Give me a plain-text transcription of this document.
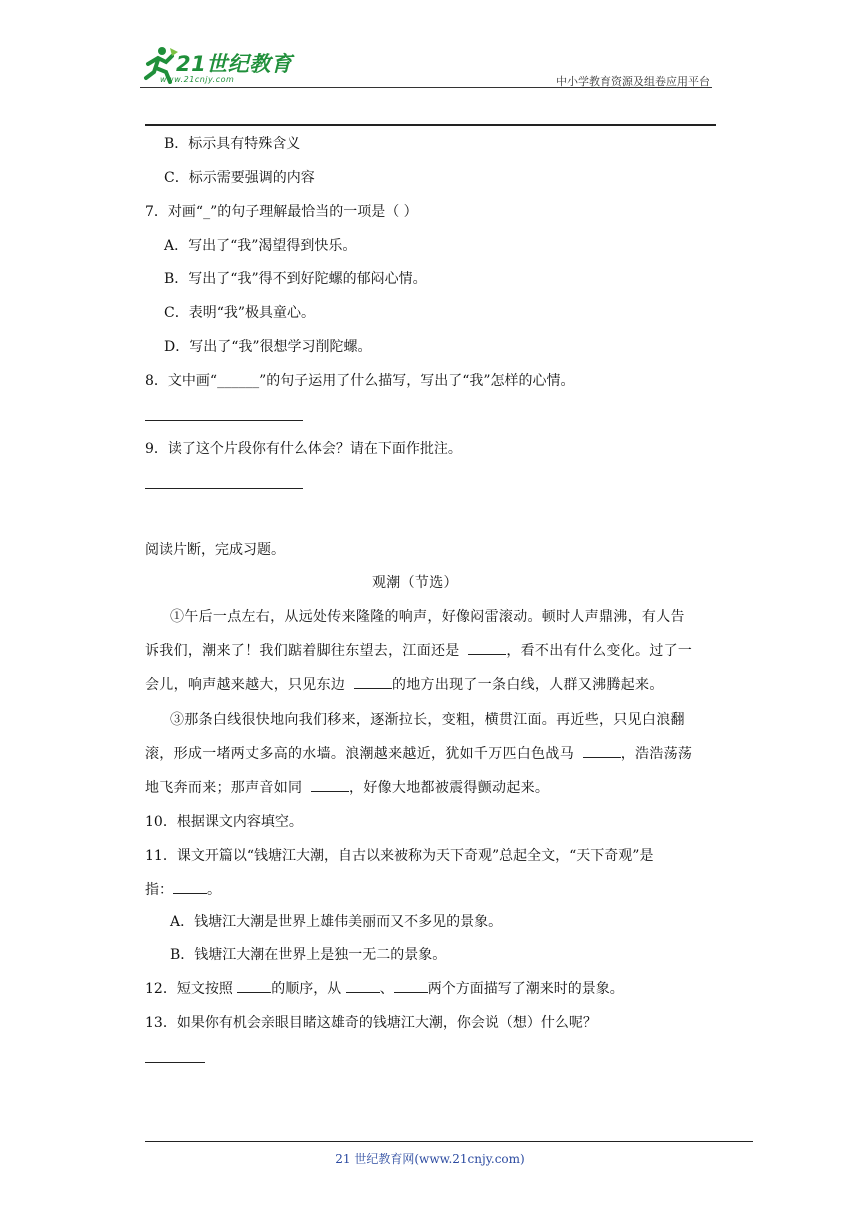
21世纪教育
www.21cnjy.com	中小学教育资源及组卷应用平台
B．标示具有特殊含义
C．标示需要强调的内容
7．对画“_”的句子理解最恰当的一项是（ ）
A．写出了“我”渴望得到快乐。
B．写出了“我”得不到好陀螺的郁闷心情。
C．表明“我”极具童心。
D．写出了“我”很想学习削陀螺。
8．文中画“______”的句子运用了什么描写，写出了“我”怎样的心情。
9．读了这个片段你有什么体会？请在下面作批注。
阅读片断，完成习题。
观潮（节选）
①午后一点左右，从远处传来隆隆的响声，好像闷雷滚动。顿时人声鼎沸，有人告
诉我们，潮来了！我们踮着脚往东望去，江面还是	，看不出有什么变化。过了一
会儿，响声越来越大，只见东边	的地方出现了一条白线，人群又沸腾起来。
③那条白线很快地向我们移来，逐渐拉长，变粗，横贯江面。再近些，只见白浪翻
滚，形成一堵两丈多高的水墙。浪潮越来越近，犹如千万匹白色战马	，浩浩荡荡
地飞奔而来；那声音如同	，好像大地都被震得颤动起来。
10．根据课文内容填空。
11．课文开篇以“钱塘江大潮，自古以来被称为天下奇观”总起全文，“天下奇观”是
指： 。
A．钱塘江大潮是世界上雄伟美丽而又不多见的景象。
B．钱塘江大潮在世界上是独一无二的景象。
12．短文按照 的顺序，从 、 两个方面描写了潮来时的景象。
13．如果你有机会亲眼目睹这雄奇的钱塘江大潮，你会说（想）什么呢？
21 世纪教育网(www.21cnjy.com)
